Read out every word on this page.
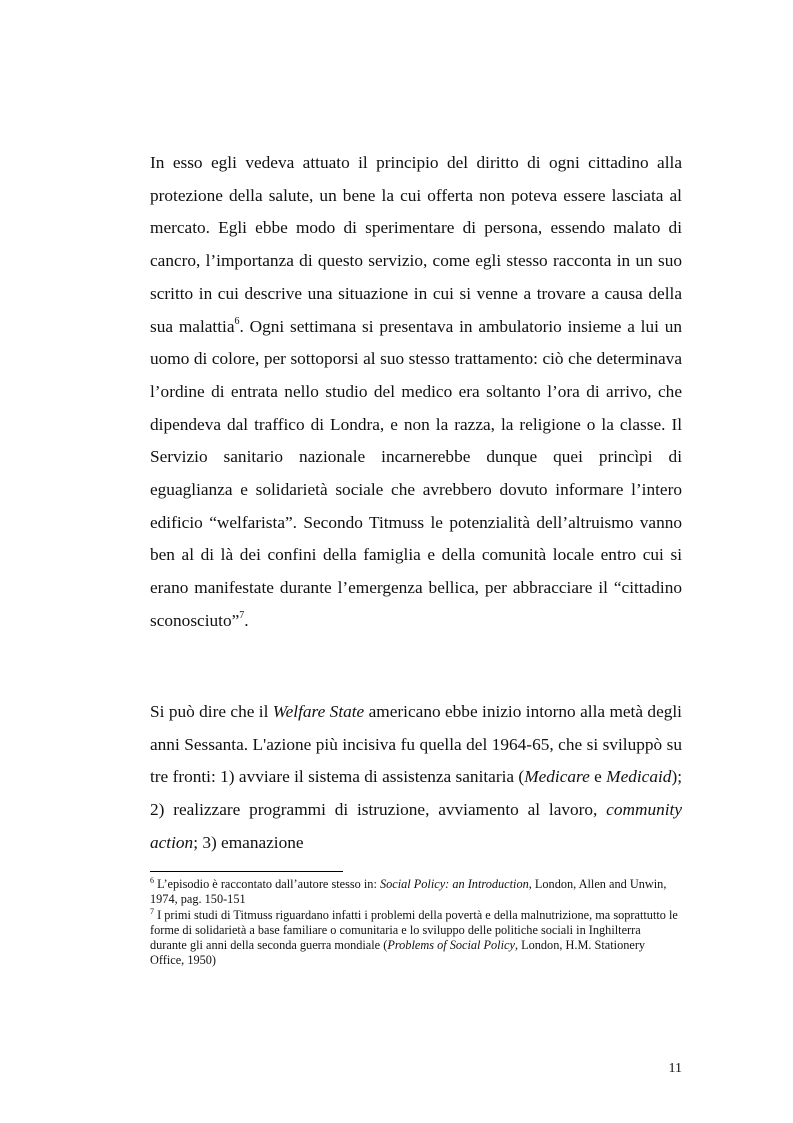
In esso egli vedeva attuato il principio del diritto di ogni cittadino alla protezione della salute, un bene la cui offerta non poteva essere lasciata al mercato. Egli ebbe modo di sperimentare di persona, essendo malato di cancro, l’importanza di questo servizio, come egli stesso racconta in un suo scritto in cui descrive una situazione in cui si venne a trovare a causa della sua malattia$^6$. Ogni settimana si presentava in ambulatorio insieme a lui un uomo di colore, per sottoporsi al suo stesso trattamento: ciò che determinava l’ordine di entrata nello studio del medico era soltanto l’ora di arrivo, che dipendeva dal traffico di Londra, e non la razza, la religione o la classe. Il Servizio sanitario nazionale incarnerebbe dunque quei princìpi di eguaglianza e solidarietà sociale che avrebbero dovuto informare l’intero edificio “welfarista”. Secondo Titmuss le potenzialità dell’altruismo vanno ben al di là dei confini della famiglia e della comunità locale entro cui si erano manifestate durante l’emergenza bellica, per abbracciare il “cittadino sconosciuto”$^7$.

Si può dire che il Welfare State americano ebbe inizio intorno alla metà degli anni Sessanta. L'azione più incisiva fu quella del 1964-65, che si sviluppò su tre fronti: 1) avviare il sistema di assistenza sanitaria (Medicare e Medicaid); 2) realizzare programmi di istruzione, avviamento al lavoro, community action; 3) emanazione

$^6$ L’episodio è raccontato dall’autore stesso in: Social Policy: an Introduction, London, Allen and Unwin, 1974, pag. 150-151

$^7$ I primi studi di Titmuss riguardano infatti i problemi della povertà e della malnutrizione, ma soprattutto le forme di solidarietà a base familiare o comunitaria e lo sviluppo delle politiche sociali in Inghilterra durante gli anni della seconda guerra mondiale (Problems of Social Policy, London, H.M. Stationery Office, 1950)

11
